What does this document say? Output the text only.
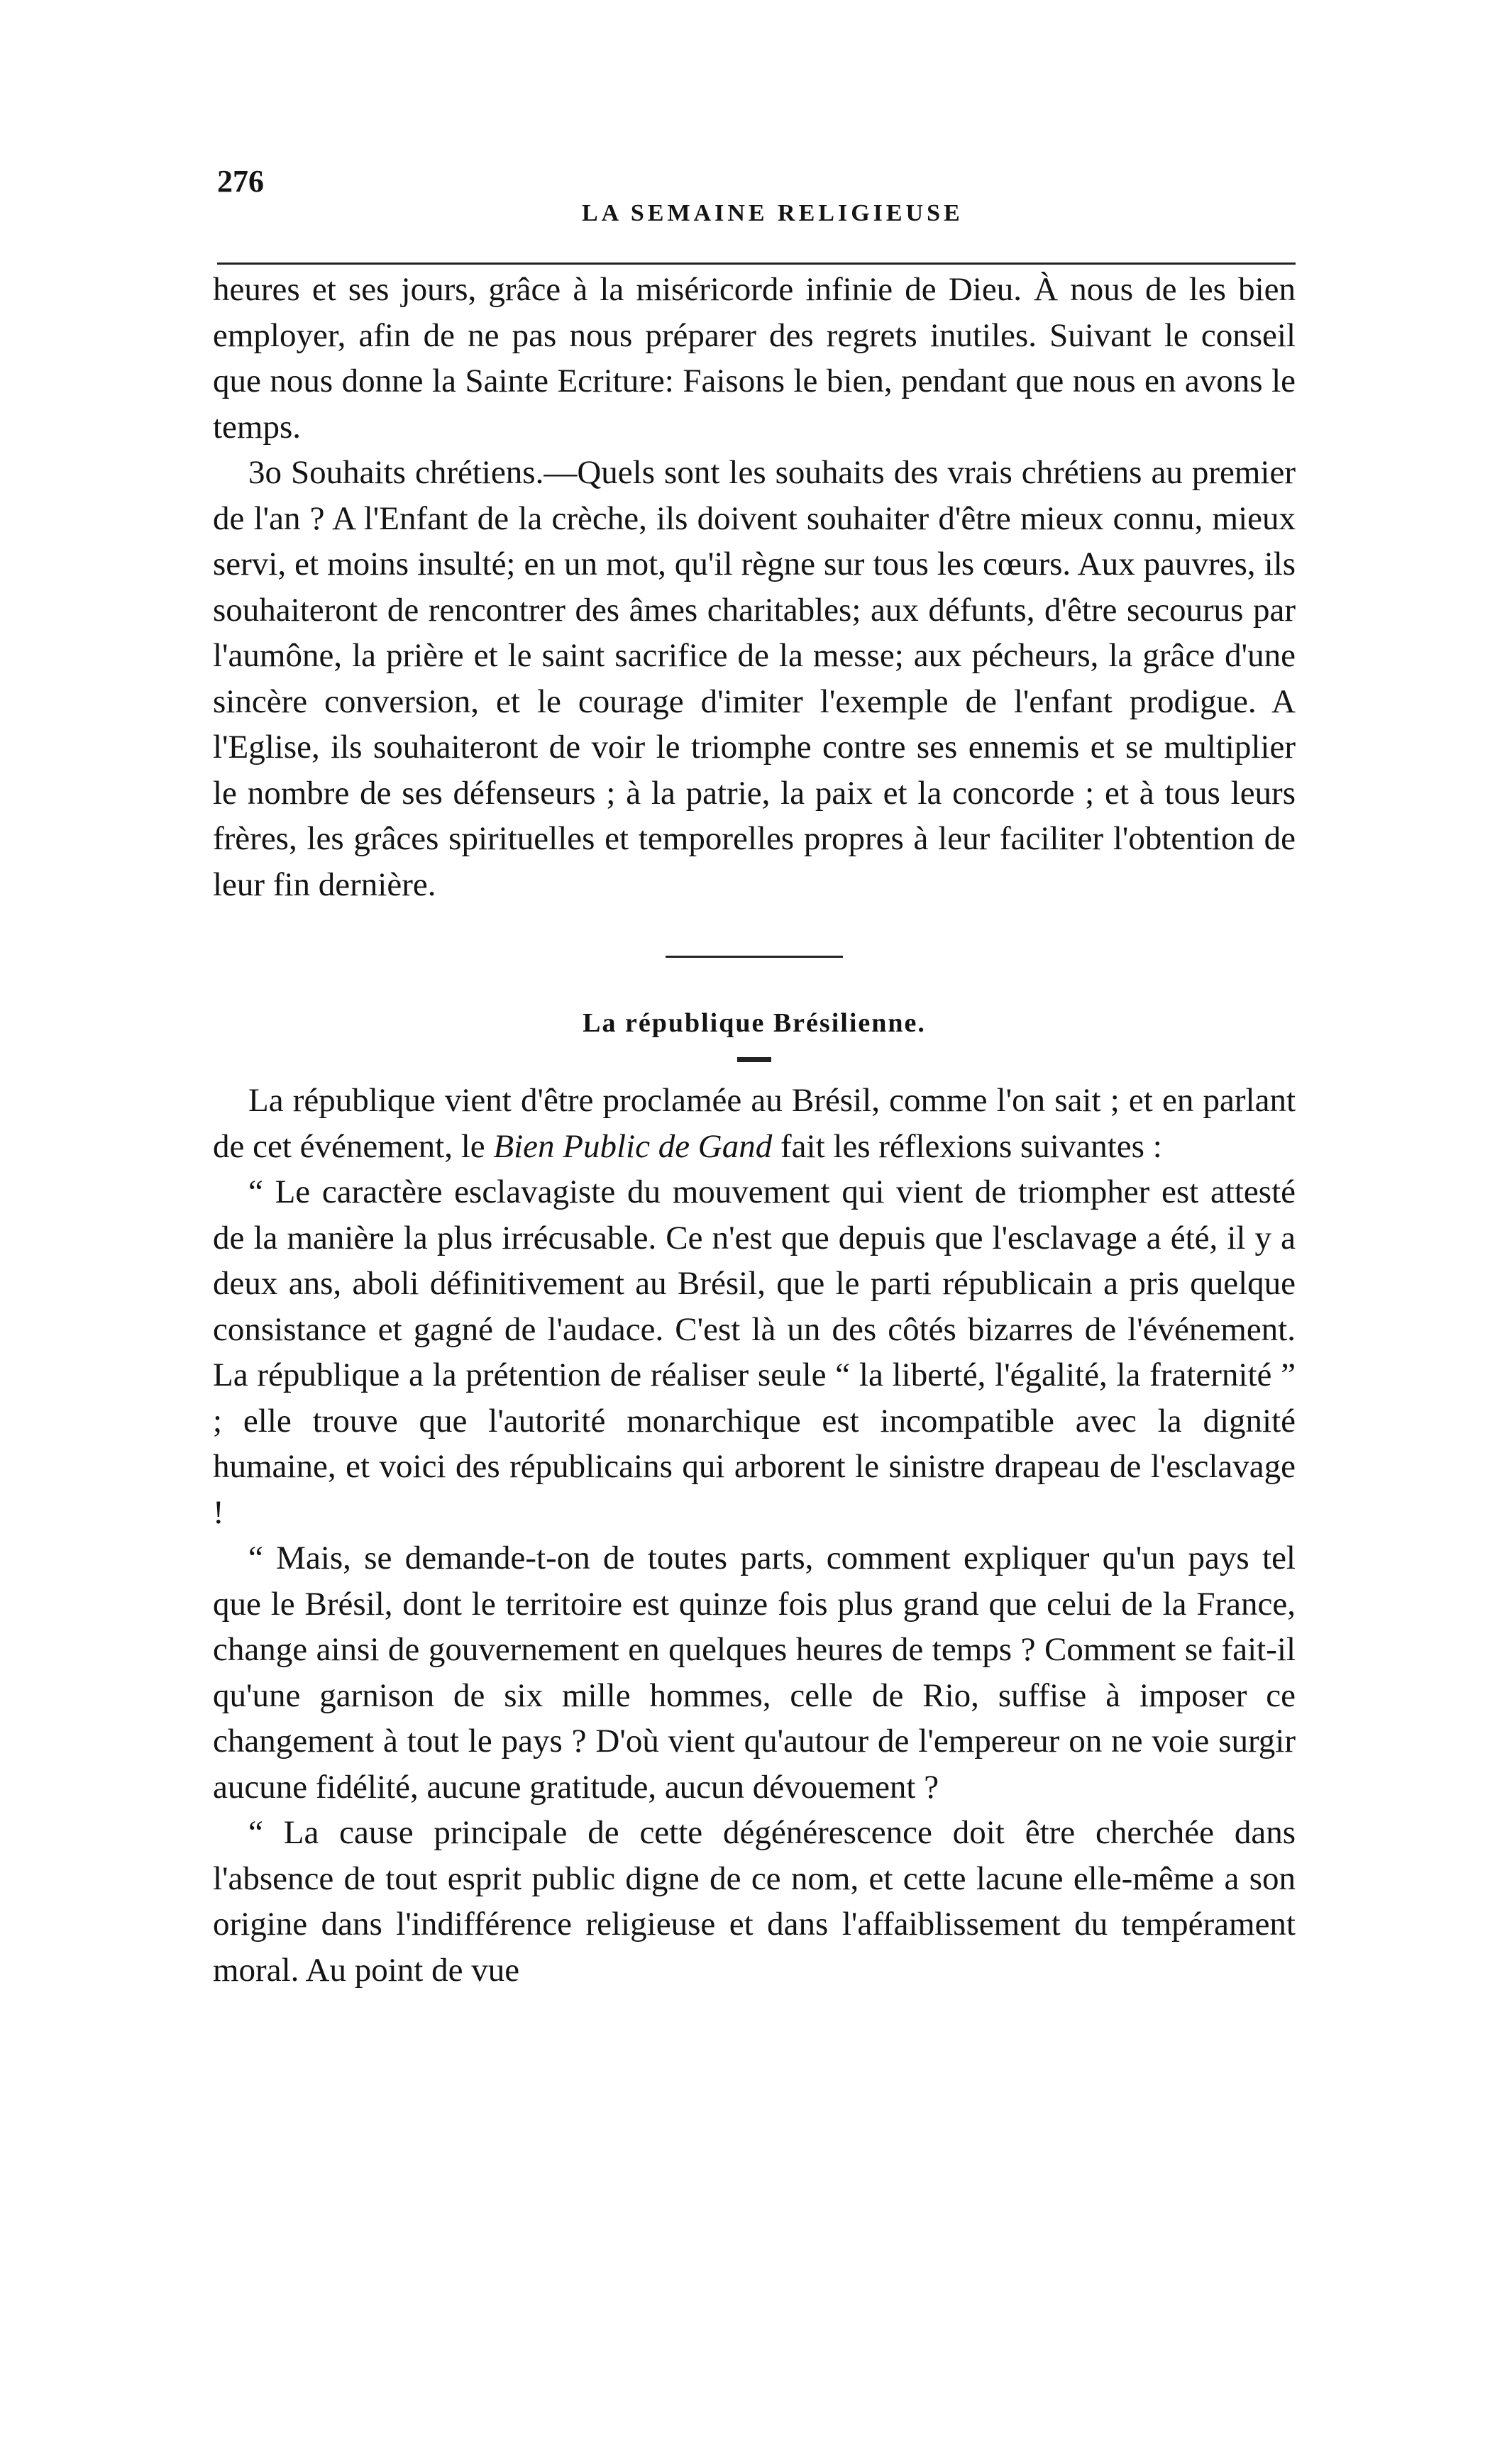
276
LA SEMAINE RELIGIEUSE

heures et ses jours, grâce à la miséricorde infinie de Dieu. À nous de les bien employer, afin de ne pas nous préparer des regrets inutiles. Suivant le conseil que nous donne la Sainte Ecriture: Faisons le bien, pendant que nous en avons le temps.

3o Souhaits chrétiens.—Quels sont les souhaits des vrais chrétiens au premier de l'an ? A l'Enfant de la crèche, ils doivent souhaiter d'être mieux connu, mieux servi, et moins insulté; en un mot, qu'il règne sur tous les cœurs. Aux pauvres, ils souhaiteront de rencontrer des âmes charitables; aux défunts, d'être secourus par l'aumône, la prière et le saint sacrifice de la messe; aux pécheurs, la grâce d'une sincère conversion, et le courage d'imiter l'exemple de l'enfant prodigue. A l'Eglise, ils souhaiteront de voir le triomphe contre ses ennemis et se multiplier le nombre de ses défenseurs ; à la patrie, la paix et la concorde ; et à tous leurs frères, les grâces spirituelles et temporelles propres à leur faciliter l'obtention de leur fin dernière.

La république Brésilienne.

La république vient d'être proclamée au Brésil, comme l'on sait ; et en parlant de cet événement, le Bien Public de Gand fait les réflexions suivantes :

“ Le caractère esclavagiste du mouvement qui vient de triompher est attesté de la manière la plus irrécusable. Ce n'est que depuis que l'esclavage a été, il y a deux ans, aboli définitivement au Brésil, que le parti républicain a pris quelque consistance et gagné de l'audace. C'est là un des côtés bizarres de l'événement. La république a la prétention de réaliser seule “ la liberté, l'égalité, la fraternité ” ; elle trouve que l'autorité monarchique est incompatible avec la dignité humaine, et voici des républicains qui arborent le sinistre drapeau de l'esclavage !

“ Mais, se demande-t-on de toutes parts, comment expliquer qu'un pays tel que le Brésil, dont le territoire est quinze fois plus grand que celui de la France, change ainsi de gouvernement en quelques heures de temps ? Comment se fait-il qu'une garnison de six mille hommes, celle de Rio, suffise à imposer ce changement à tout le pays ? D'où vient qu'autour de l'empereur on ne voie surgir aucune fidélité, aucune gratitude, aucun dévouement ?

“ La cause principale de cette dégénérescence doit être cherchée dans l'absence de tout esprit public digne de ce nom, et cette lacune elle-même a son origine dans l'indifférence religieuse et dans l'affaiblissement du tempérament moral. Au point de vue
